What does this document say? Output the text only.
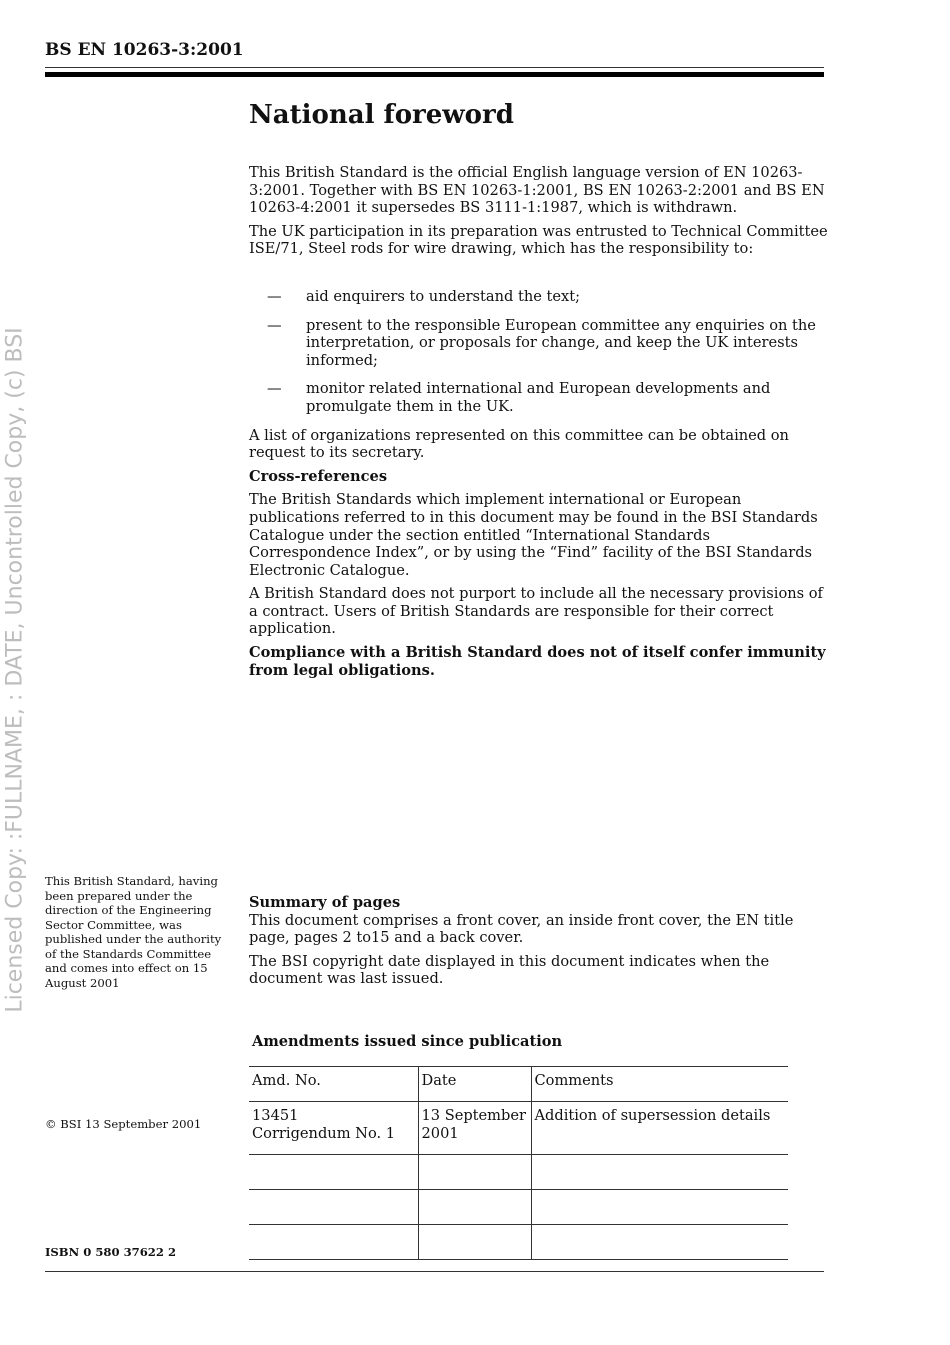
BS EN 10263-3:2001
Licensed Copy: :FULLNAME, : DATE, Uncontrolled Copy, (c) BSI
National foreword

This British Standard is the official English language version of EN 10263-3:2001. Together with BS EN 10263-1:2001, BS EN 10263-2:2001 and BS EN 10263-4:2001 it supersedes BS 3111-1:1987, which is withdrawn.

The UK participation in its preparation was entrusted to Technical Committee ISE/71, Steel rods for wire drawing, which has the responsibility to:

— aid enquirers to understand the text;
— present to the responsible European committee any enquiries on the interpretation, or proposals for change, and keep the UK interests informed;
— monitor related international and European developments and promulgate them in the UK.

A list of organizations represented on this committee can be obtained on request to its secretary.

Cross-references

The British Standards which implement international or European publications referred to in this document may be found in the BSI Standards Catalogue under the section entitled “International Standards Correspondence Index”, or by using the “Find” facility of the BSI Standards Electronic Catalogue.

A British Standard does not purport to include all the necessary provisions of a contract. Users of British Standards are responsible for their correct application.

Compliance with a British Standard does not of itself confer immunity from legal obligations.

This British Standard, having been prepared under the direction of the Engineering Sector Committee, was published under the authority of the Standards Committee and comes into effect on 15 August 2001
© BSI 13 September 2001
ISBN 0 580 37622 2

Summary of pages

This document comprises a front cover, an inside front cover, the EN title page, pages 2 to15 and a back cover.

The BSI copyright date displayed in this document indicates when the document was last issued.

Amendments issued since publication
Amd. No.	Date	Comments
13451
Corrigendum No. 1	13 September 2001	Addition of supersession details
